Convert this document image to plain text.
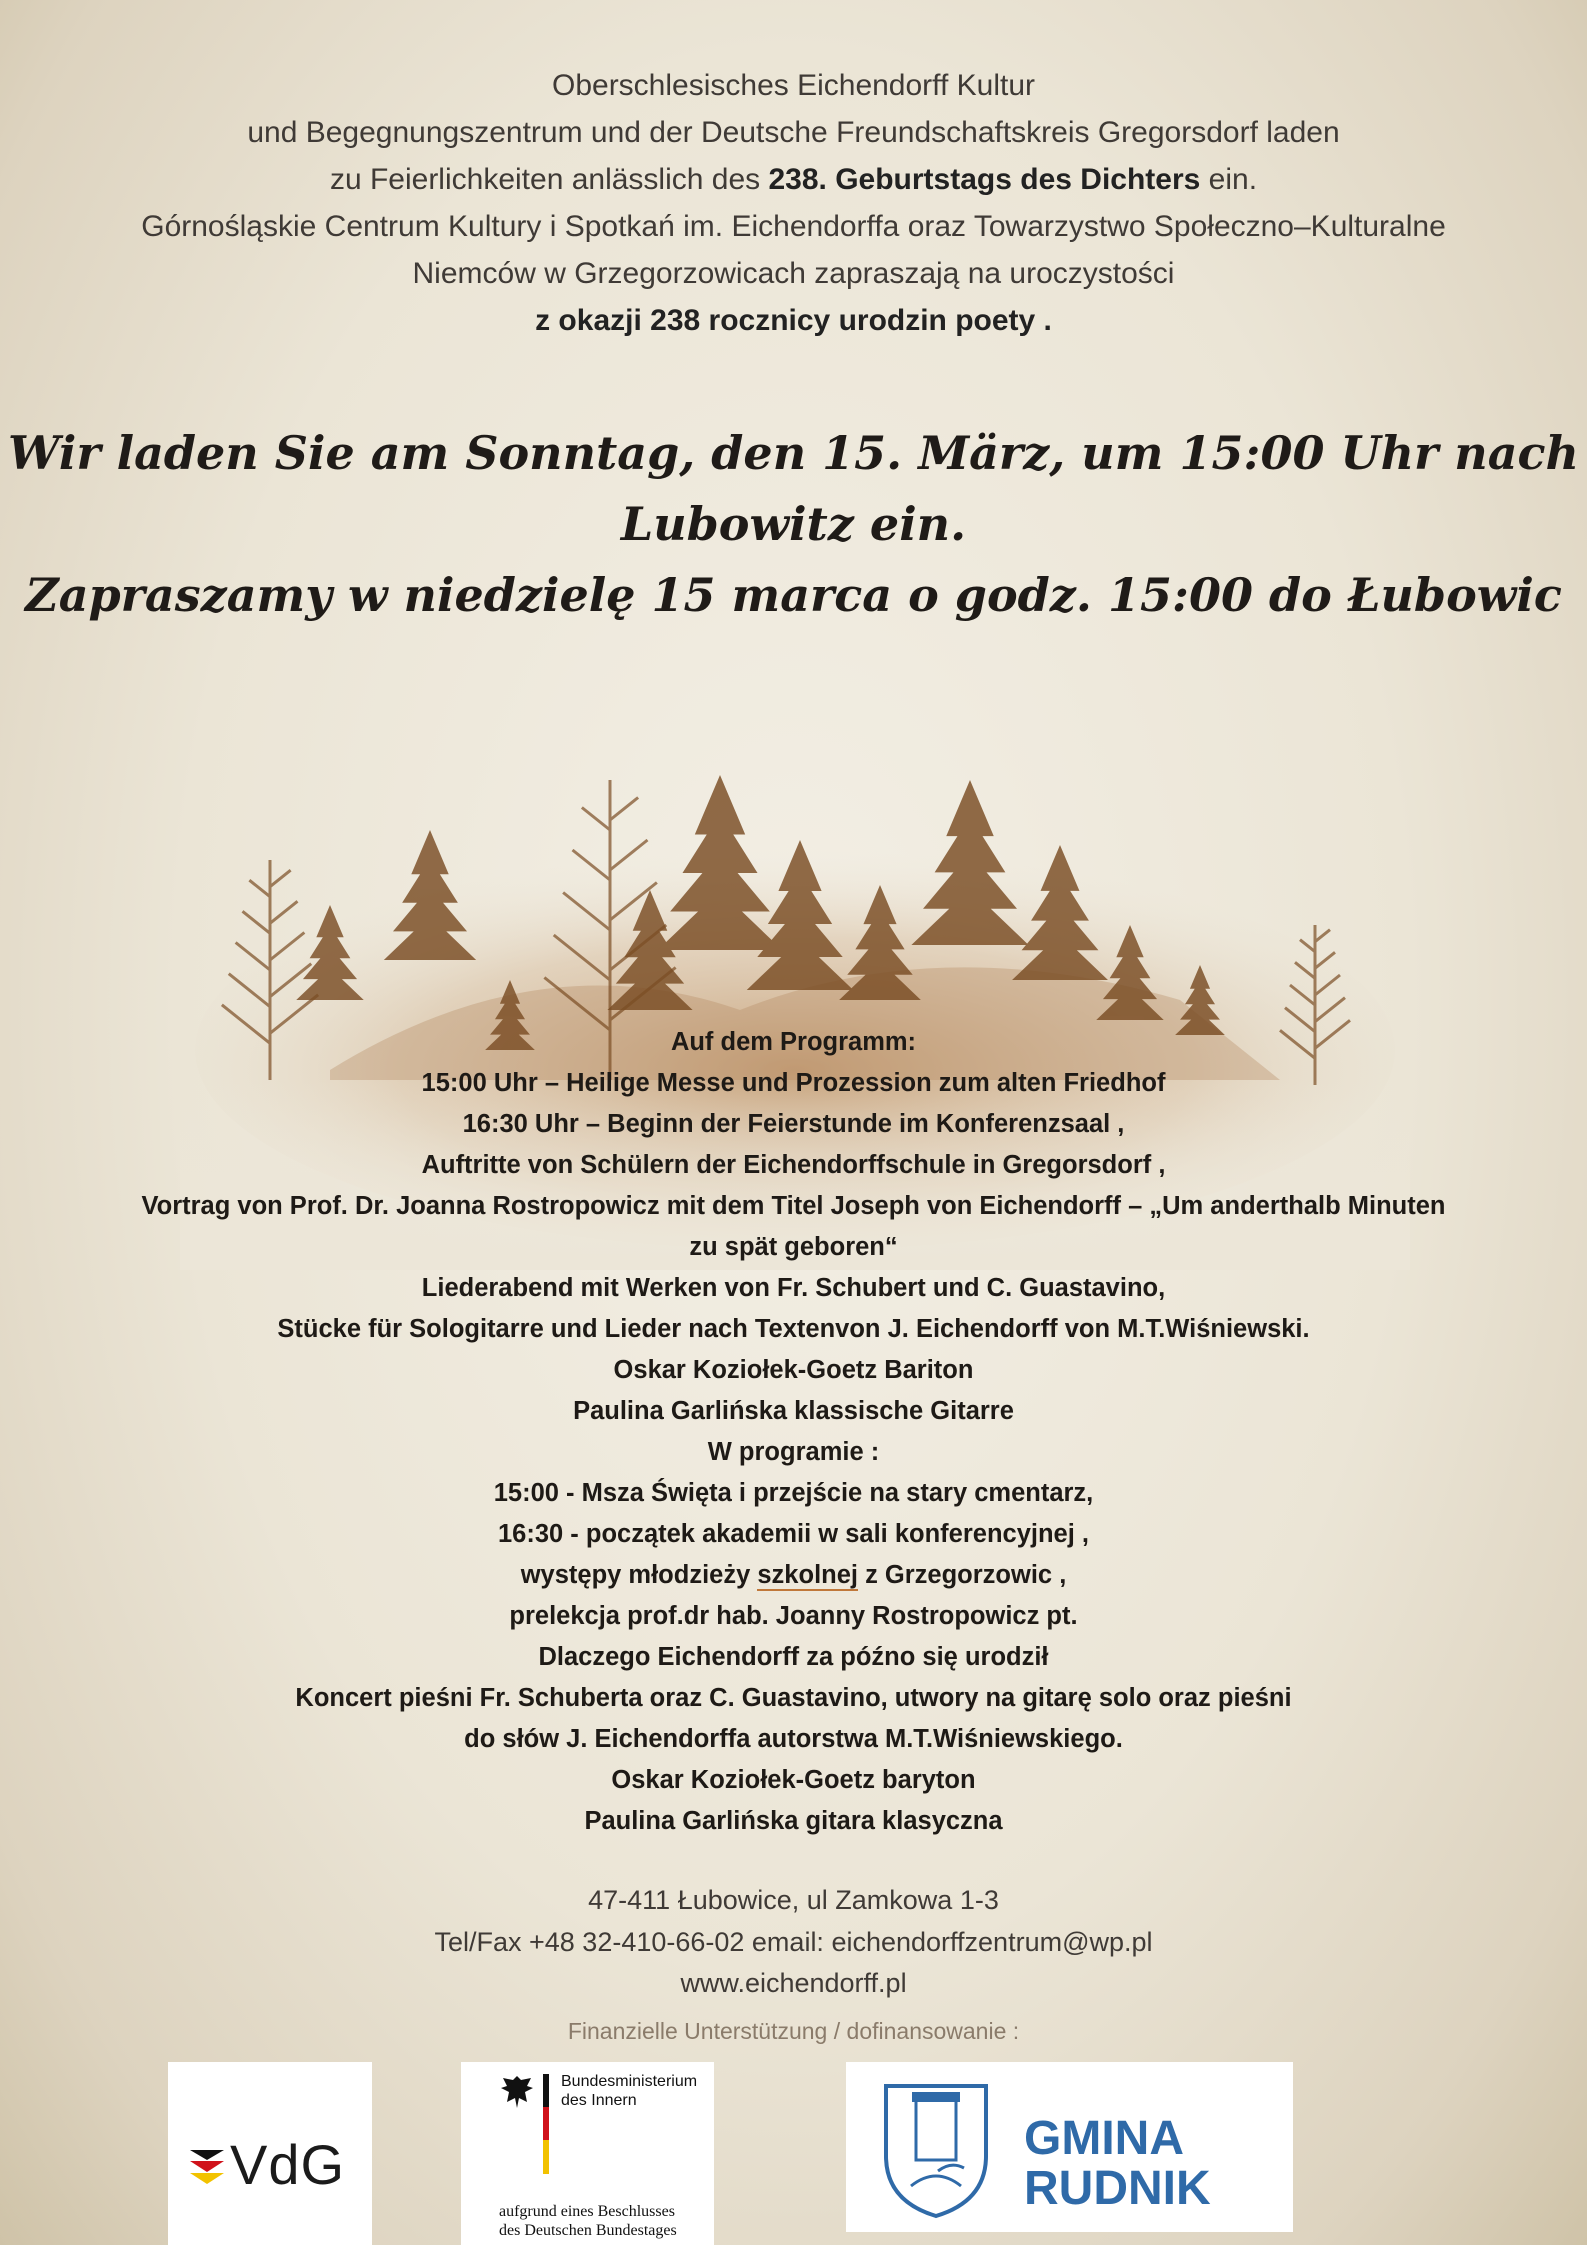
Oberschlesisches Eichendorff Kultur
und Begegnungszentrum und der Deutsche Freundschaftskreis Gregorsdorf laden
zu Feierlichkeiten anlässlich des 238. Geburtstags des Dichters ein.
Górnośląskie Centrum Kultury i Spotkań im. Eichendorffa oraz Towarzystwo Społeczno–Kulturalne
Niemców w Grzegorzowicach zapraszają na uroczystości
z okazji 238 rocznicy urodzin poety .
Wir laden Sie am Sonntag, den 15. März, um 15:00 Uhr nach
Lubowitz ein.
Zapraszamy w niedzielę 15 marca o godz. 15:00 do Łubowic
Auf dem Programm:
15:00 Uhr – Heilige Messe und Prozession zum alten Friedhof
16:30 Uhr – Beginn der Feierstunde im Konferenzsaal ,
Auftritte von Schülern der Eichendorffschule in Gregorsdorf ,
Vortrag von Prof. Dr. Joanna Rostropowicz mit dem Titel Joseph von Eichendorff – „Um anderthalb Minuten
zu spät geboren“
Liederabend mit Werken von Fr. Schubert und C. Guastavino,
Stücke für Sologitarre und Lieder nach Textenvon J. Eichendorff von M.T.Wiśniewski.
Oskar Koziołek-Goetz Bariton
Paulina Garlińska klassische Gitarre
W programie :
15:00 - Msza Święta i przejście na stary cmentarz,
16:30 - początek akademii w sali konferencyjnej ,
występy młodzieży szkolnej z Grzegorzowic ,
prelekcja prof.dr hab. Joanny Rostropowicz pt.
Dlaczego Eichendorff za późno się urodził
Koncert pieśni Fr. Schuberta oraz C. Guastavino, utwory na gitarę solo oraz pieśni
do słów J. Eichendorffa autorstwa M.T.Wiśniewskiego.
Oskar Koziołek-Goetz baryton
Paulina Garlińska gitara klasyczna
47-411 Łubowice, ul Zamkowa 1-3
Tel/Fax +48 32-410-66-02 email: eichendorffzentrum@wp.pl
www.eichendorff.pl
Finanzielle Unterstützung / dofinansowanie :
VdG
Bundesministerium
des Innern
aufgrund eines Beschlusses
des Deutschen Bundestages
GMINA
RUDNIK
